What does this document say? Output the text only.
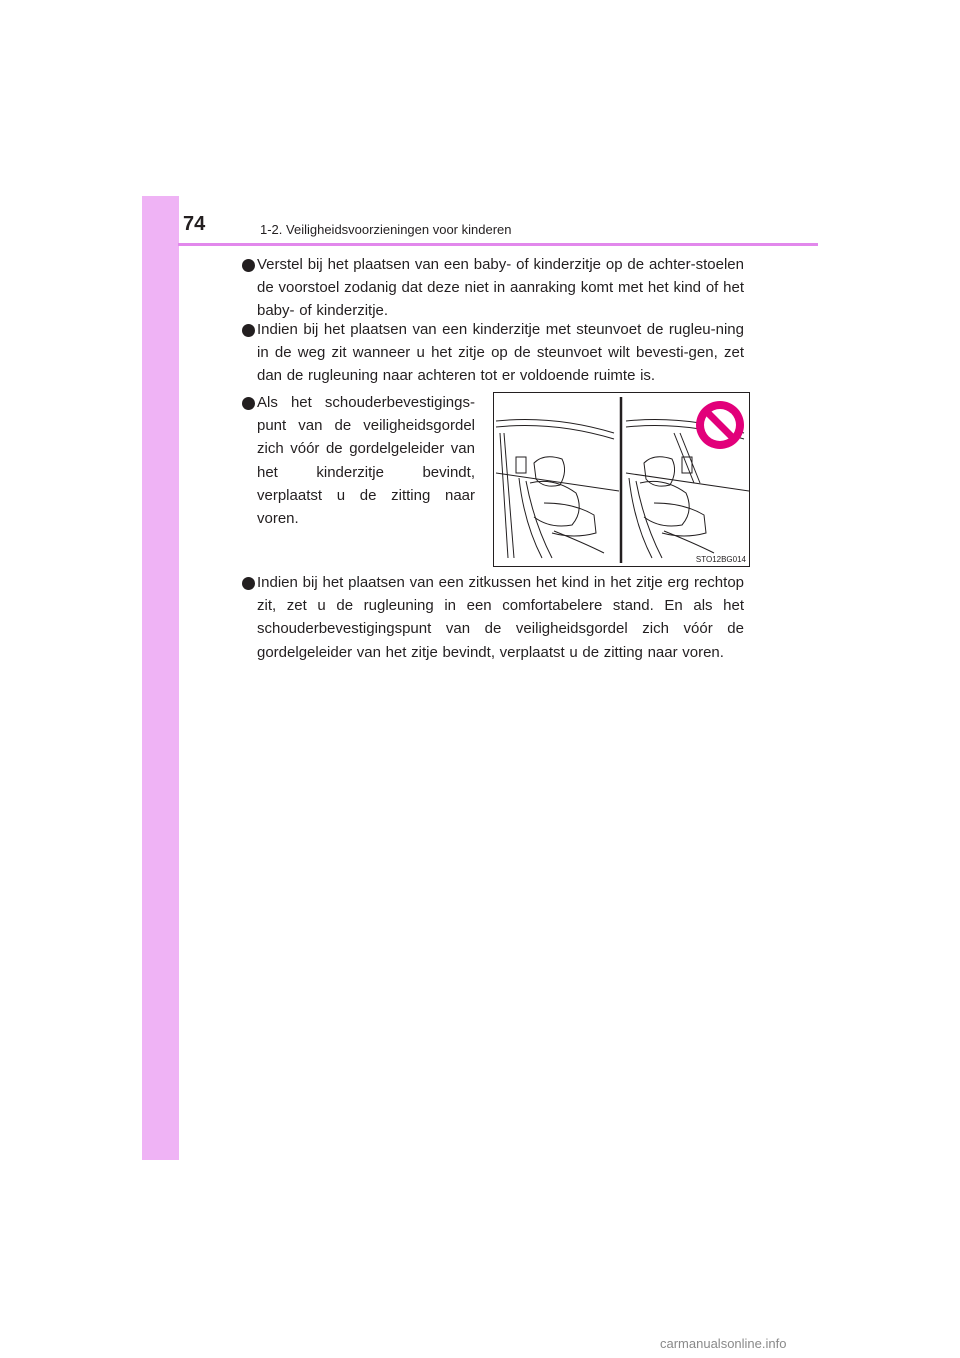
74	1-2. Veiligheidsvoorzieningen voor kinderen
Verstel bij het plaatsen van een baby- of kinderzitje op de achter-stoelen de voorstoel zodanig dat deze niet in aanraking komt met het kind of het baby- of kinderzitje.
Indien bij het plaatsen van een kinderzitje met steunvoet de rugleu-ning in de weg zit wanneer u het zitje op de steunvoet wilt bevesti-gen, zet dan de rugleuning naar achteren tot er voldoende ruimte is.
Als het schouderbevestigings-punt van de veiligheidsgordel zich vóór de gordelgeleider van het kinderzitje bevindt, verplaatst u de zitting naar voren.
STO12BG014
Indien bij het plaatsen van een zitkussen het kind in het zitje erg rechtop zit, zet u de rugleuning in een comfortabelere stand. En als het schouderbevestigingspunt van de veiligheidsgordel zich vóór de gordelgeleider van het zitje bevindt, verplaatst u de zitting naar voren.
carmanualsonline.info
